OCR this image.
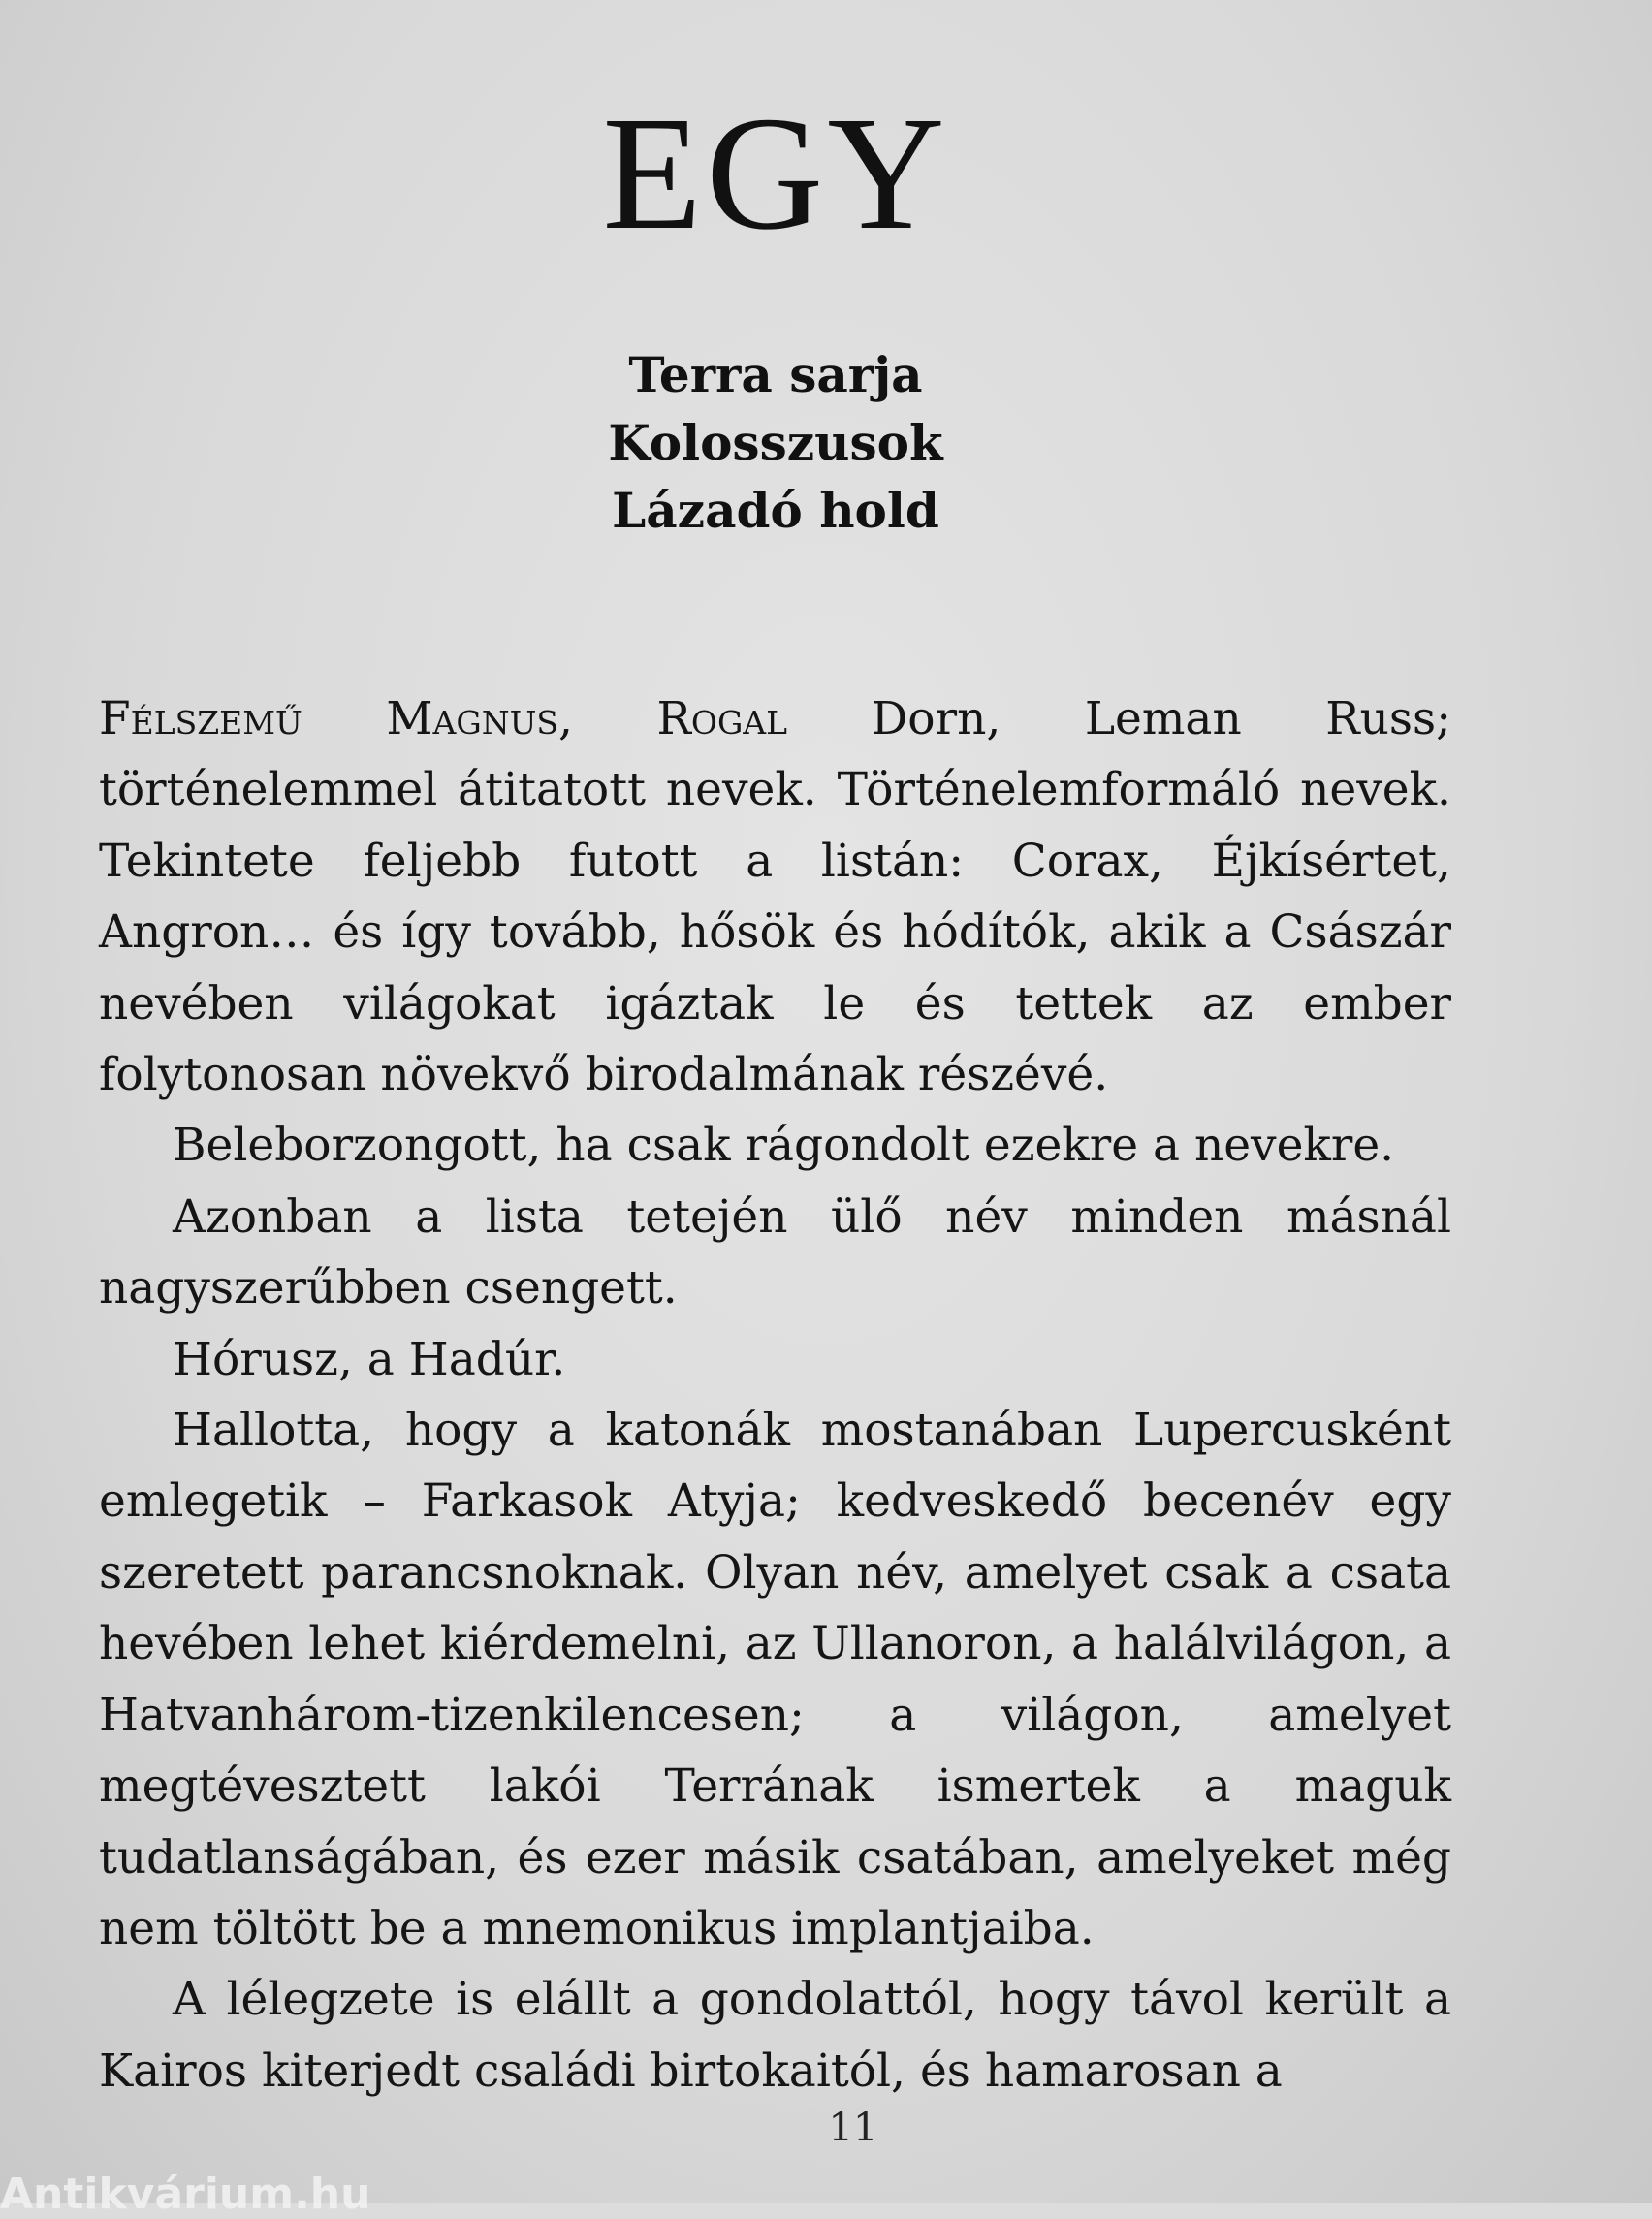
EGY
Terra sarja
Kolosszusok
Lázadó hold

Félszemű Magnus, Rogal Dorn, Leman Russ; történelemmel átitatott nevek. Történelemformáló nevek. Tekintete feljebb futott a listán: Corax, Éjkísértet, Angron… és így tovább, hősök és hódítók, akik a Császár nevében világokat igáztak le és tettek az ember folytonosan növekvő birodalmának részévé.

Beleborzongott, ha csak rágondolt ezekre a nevekre.

Azonban a lista tetején ülő név minden másnál nagyszerűbben csengett.

Hórusz, a Hadúr.

Hallotta, hogy a katonák mostanában Lupercusként emlegetik – Farkasok Atyja; kedveskedő becenév egy szeretett parancsnoknak. Olyan név, amelyet csak a csata hevében lehet kiérdemelni, az Ullanoron, a halálvilágon, a Hatvanhárom-tizenkilencesen; a világon, amelyet megtévesztett lakói Terrának ismertek a maguk tudatlanságában, és ezer másik csatában, amelyeket még nem töltött be a mnemonikus implantjaiba.

A lélegzete is elállt a gondolattól, hogy távol került a Kairos kiterjedt családi birtokaitól, és hamarosan a

11
Antikvárium.hu
